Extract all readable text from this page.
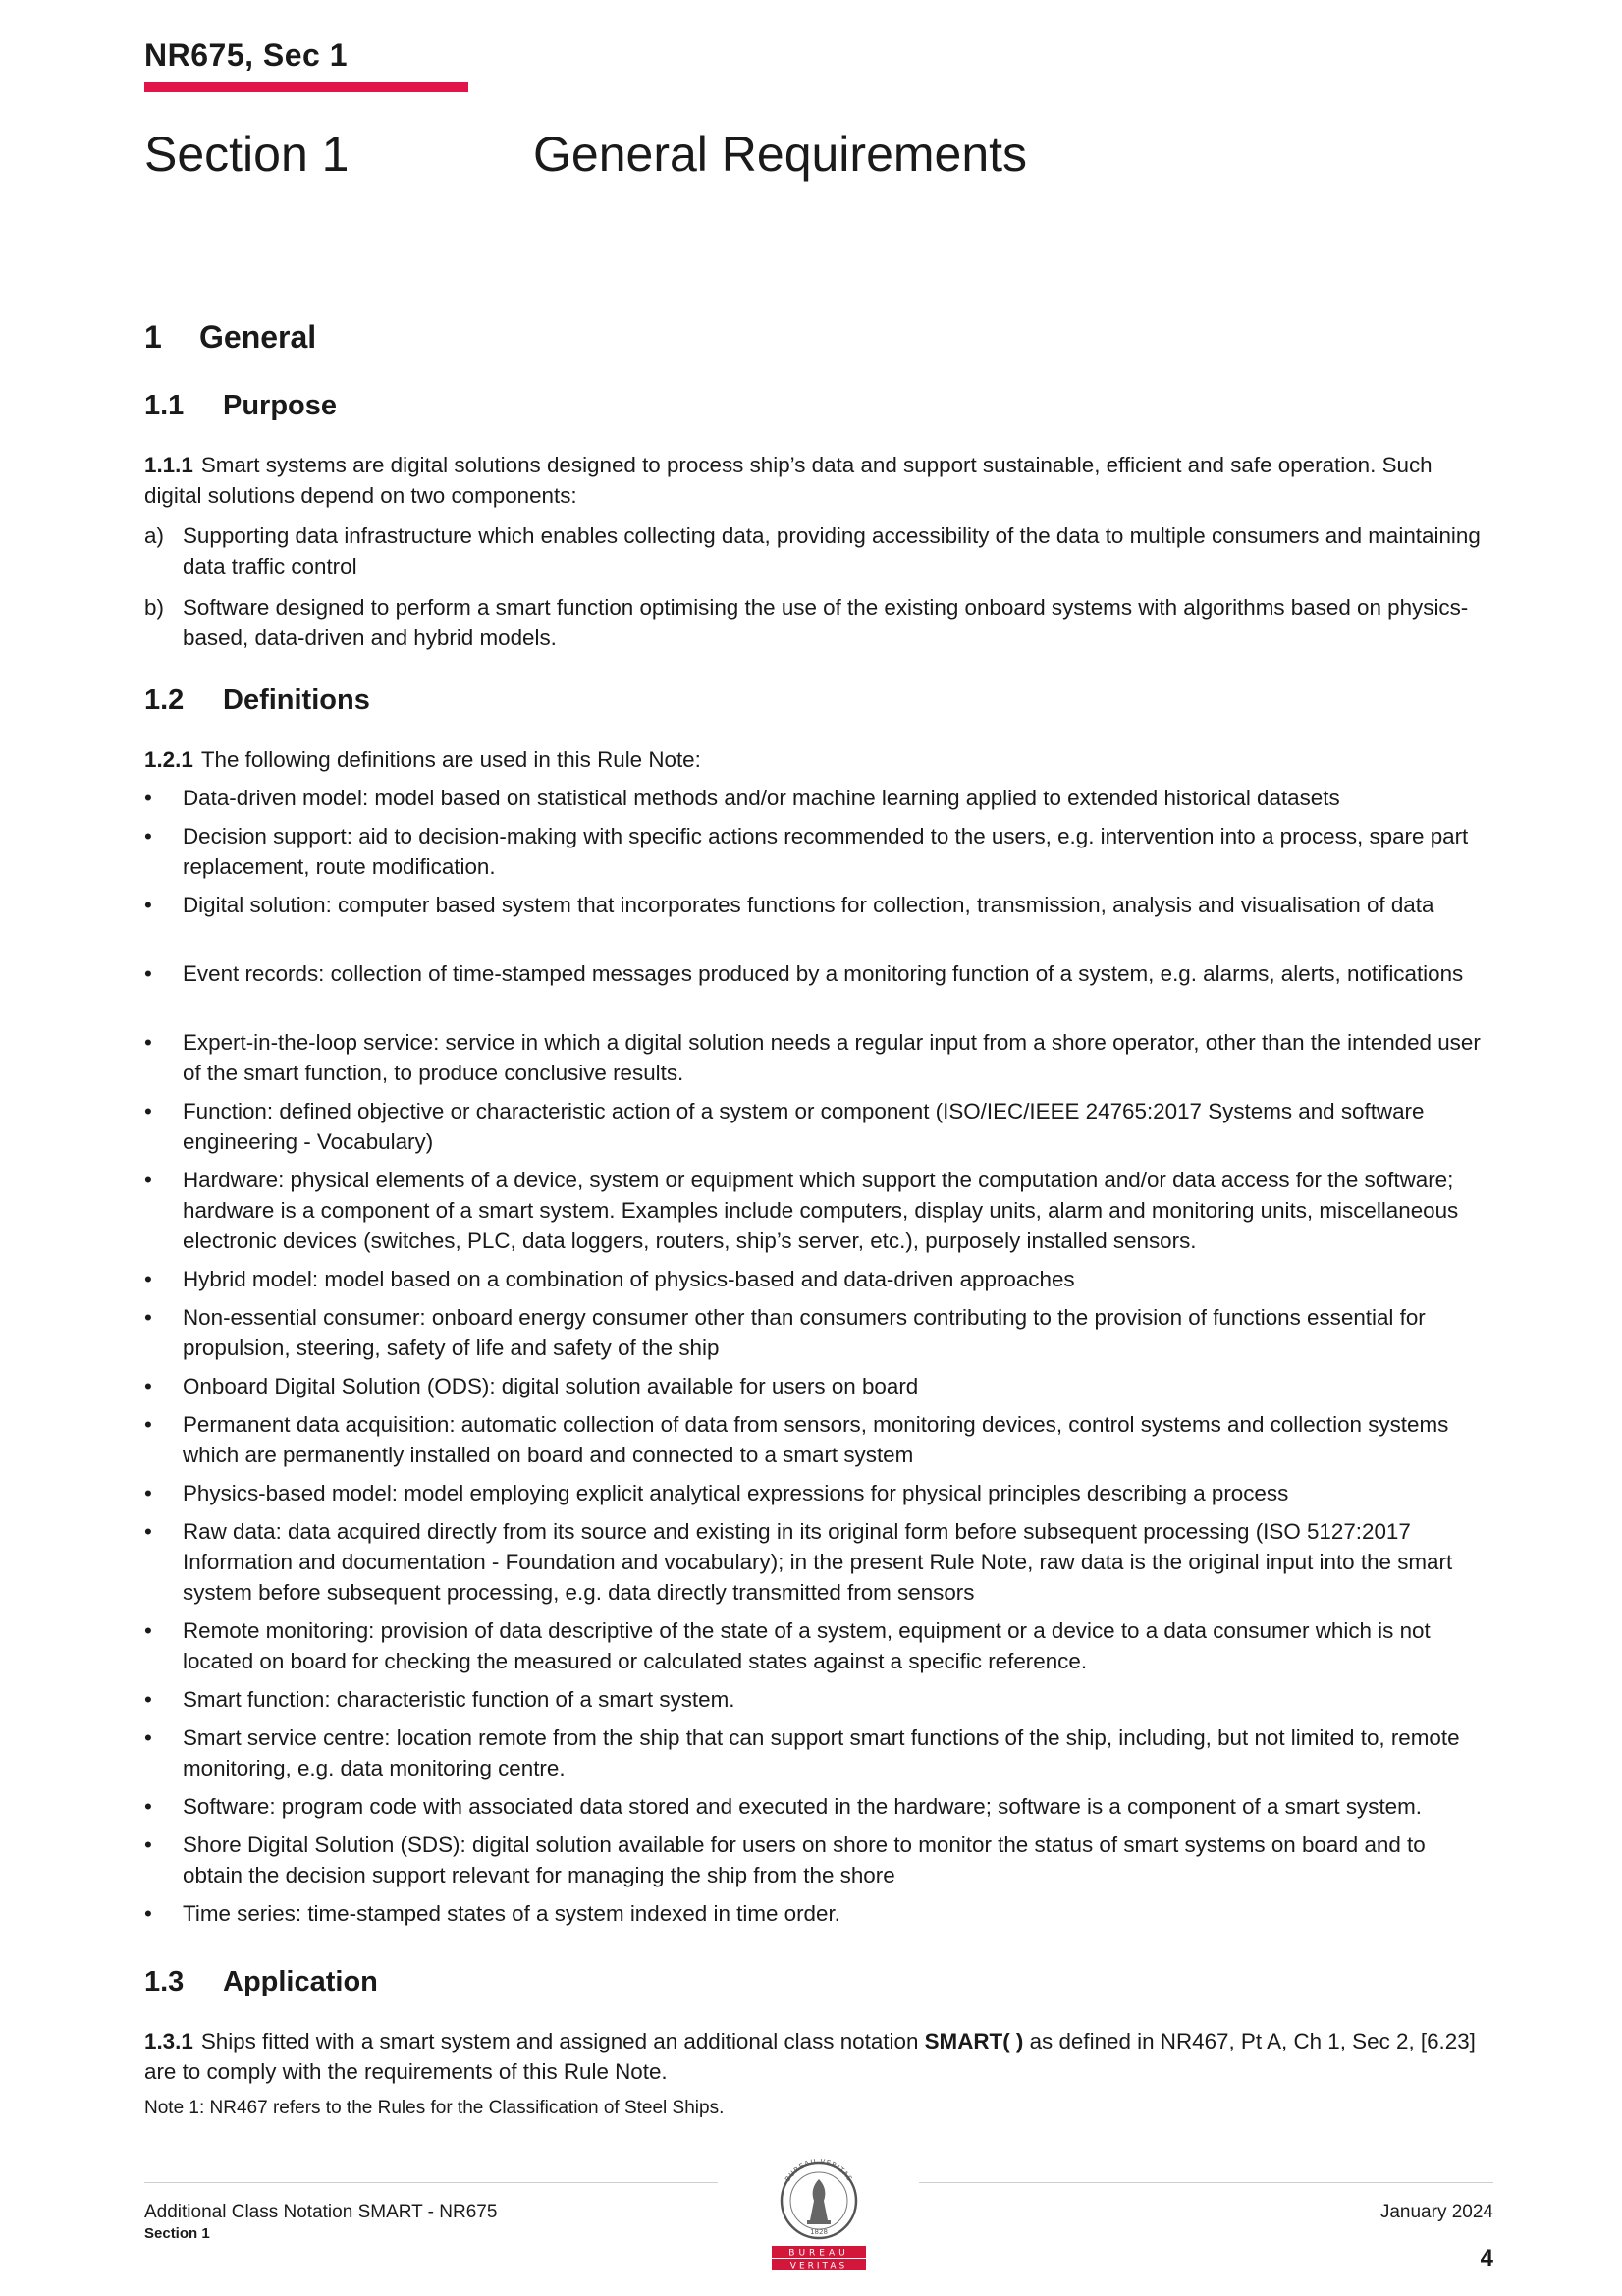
NR675, Sec 1
Section 1	General Requirements
1 General
1.1 Purpose
1.1.1 Smart systems are digital solutions designed to process ship’s data and support sustainable, efficient and safe operation. Such digital solutions depend on two components:
a) Supporting data infrastructure which enables collecting data, providing accessibility of the data to multiple consumers and maintaining data traffic control
b) Software designed to perform a smart function optimising the use of the existing onboard systems with algorithms based on physics-based, data-driven and hybrid models.
1.2 Definitions
1.2.1 The following definitions are used in this Rule Note:
•	Data-driven model: model based on statistical methods and/or machine learning applied to extended historical datasets
•	Decision support: aid to decision-making with specific actions recommended to the users, e.g. intervention into a process, spare part replacement, route modification.
•	Digital solution: computer based system that incorporates functions for collection, transmission, analysis and visualisation of data
•	Event records: collection of time-stamped messages produced by a monitoring function of a system, e.g. alarms, alerts, notifications
•	Expert-in-the-loop service: service in which a digital solution needs a regular input from a shore operator, other than the intended user of the smart function, to produce conclusive results.
•	Function: defined objective or characteristic action of a system or component (ISO/IEC/IEEE 24765:2017 Systems and software engineering - Vocabulary)
•	Hardware: physical elements of a device, system or equipment which support the computation and/or data access for the software; hardware is a component of a smart system. Examples include computers, display units, alarm and monitoring units, miscellaneous electronic devices (switches, PLC, data loggers, routers, ship’s server, etc.), purposely installed sensors.
•	Hybrid model: model based on a combination of physics-based and data-driven approaches
•	Non-essential consumer: onboard energy consumer other than consumers contributing to the provision of functions essential for propulsion, steering, safety of life and safety of the ship
•	Onboard Digital Solution (ODS): digital solution available for users on board
•	Permanent data acquisition: automatic collection of data from sensors, monitoring devices, control systems and collection systems which are permanently installed on board and connected to a smart system
•	Physics-based model: model employing explicit analytical expressions for physical principles describing a process
•	Raw data: data acquired directly from its source and existing in its original form before subsequent processing (ISO 5127:2017 Information and documentation - Foundation and vocabulary); in the present Rule Note, raw data is the original input into the smart system before subsequent processing, e.g. data directly transmitted from sensors
•	Remote monitoring: provision of data descriptive of the state of a system, equipment or a device to a data consumer which is not located on board for checking the measured or calculated states against a specific reference.
•	Smart function: characteristic function of a smart system.
•	Smart service centre: location remote from the ship that can support smart functions of the ship, including, but not limited to, remote monitoring, e.g. data monitoring centre.
•	Software: program code with associated data stored and executed in the hardware; software is a component of a smart system.
•	Shore Digital Solution (SDS): digital solution available for users on shore to monitor the status of smart systems on board and to obtain the decision support relevant for managing the ship from the shore
•	Time series: time-stamped states of a system indexed in time order.
1.3 Application
1.3.1 Ships fitted with a smart system and assigned an additional class notation SMART( ) as defined in NR467, Pt A, Ch 1, Sec 2, [6.23] are to comply with the requirements of this Rule Note.
Note 1: NR467 refers to the Rules for the Classification of Steel Ships.
Additional Class Notation SMART - NR675
Section 1
January 2024
4
BUREAU VERITAS
1828
BUREAU
VERITAS
